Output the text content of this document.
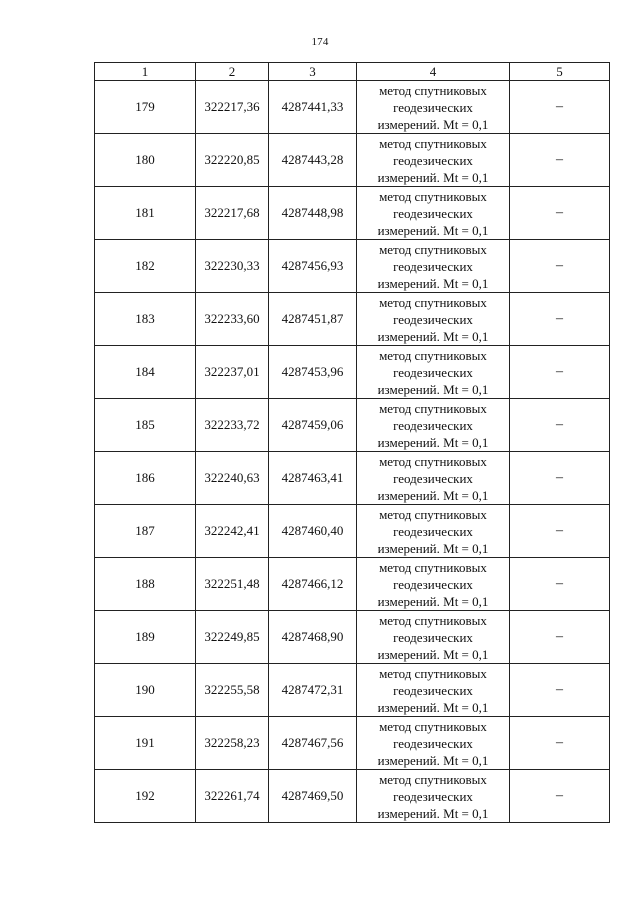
174
1	2	3	4	5
179	322217,36	4287441,33	метод спутниковых
геодезических
измерений. Mt = 0,1	–
180	322220,85	4287443,28	метод спутниковых
геодезических
измерений. Mt = 0,1	–
181	322217,68	4287448,98	метод спутниковых
геодезических
измерений. Mt = 0,1	–
182	322230,33	4287456,93	метод спутниковых
геодезических
измерений. Mt = 0,1	–
183	322233,60	4287451,87	метод спутниковых
геодезических
измерений. Mt = 0,1	–
184	322237,01	4287453,96	метод спутниковых
геодезических
измерений. Mt = 0,1	–
185	322233,72	4287459,06	метод спутниковых
геодезических
измерений. Mt = 0,1	–
186	322240,63	4287463,41	метод спутниковых
геодезических
измерений. Mt = 0,1	–
187	322242,41	4287460,40	метод спутниковых
геодезических
измерений. Mt = 0,1	–
188	322251,48	4287466,12	метод спутниковых
геодезических
измерений. Mt = 0,1	–
189	322249,85	4287468,90	метод спутниковых
геодезических
измерений. Mt = 0,1	–
190	322255,58	4287472,31	метод спутниковых
геодезических
измерений. Mt = 0,1	–
191	322258,23	4287467,56	метод спутниковых
геодезических
измерений. Mt = 0,1	–
192	322261,74	4287469,50	метод спутниковых
геодезических
измерений. Mt = 0,1	–
